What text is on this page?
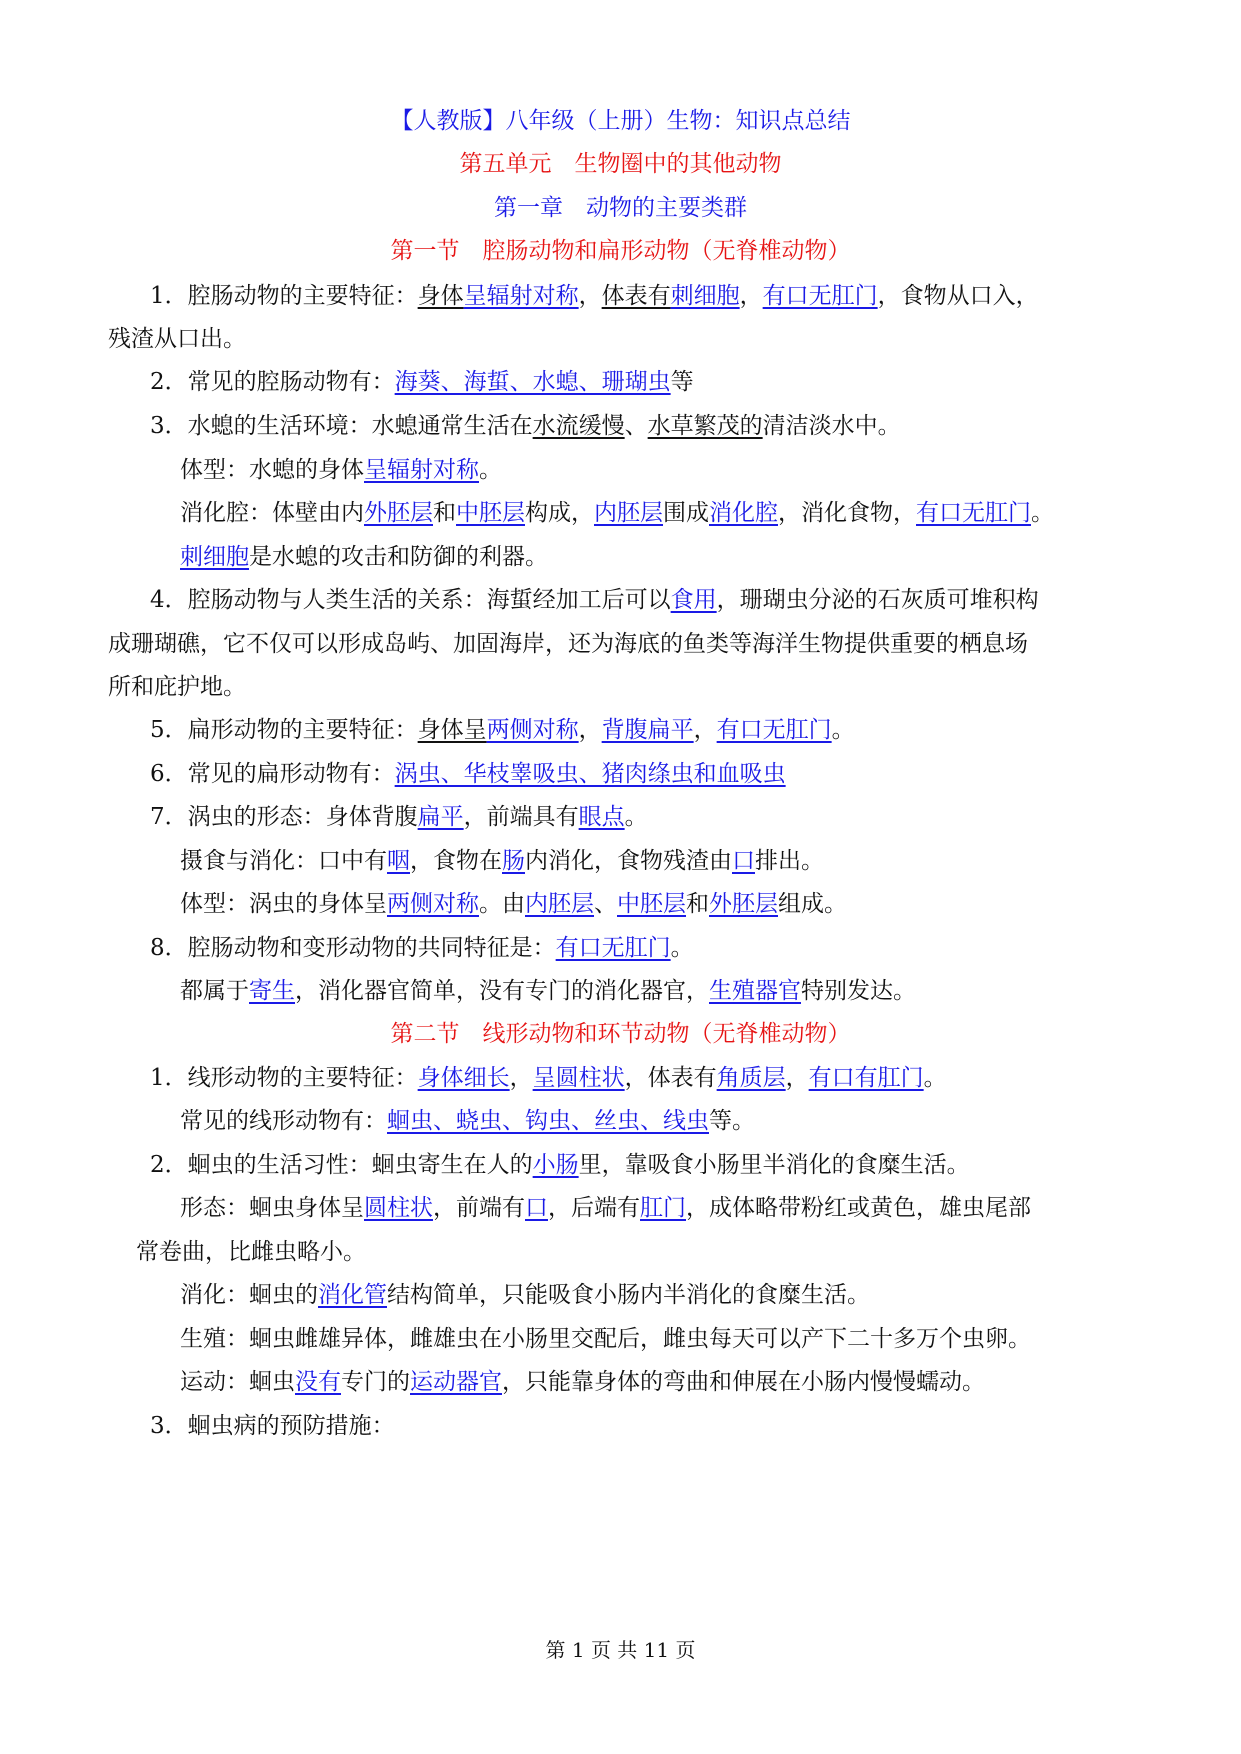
【人教版】八年级（上册）生物：知识点总结
第五单元　生物圈中的其他动物
第一章　动物的主要类群
第一节　腔肠动物和扁形动物（无脊椎动物）
第二节　线形动物和环节动物（无脊椎动物）
1．腔肠动物的主要特征：身体呈辐射对称，体表有刺细胞，有口无肛门，食物从口入，
残渣从口出。
2．常见的腔肠动物有：海葵、海蜇、水螅、珊瑚虫等
3．水螅的生活环境：水螅通常生活在水流缓慢、水草繁茂的清洁淡水中。
体型：水螅的身体呈辐射对称。
消化腔：体壁由内外胚层和中胚层构成，内胚层围成消化腔，消化食物，有口无肛门。
刺细胞是水螅的攻击和防御的利器。
4．腔肠动物与人类生活的关系：海蜇经加工后可以食用，珊瑚虫分泌的石灰质可堆积构
成珊瑚礁，它不仅可以形成岛屿、加固海岸，还为海底的鱼类等海洋生物提供重要的栖息场
所和庇护地。
5．扁形动物的主要特征：身体呈两侧对称，背腹扁平，有口无肛门。
6．常见的扁形动物有：涡虫、华枝睾吸虫、猪肉绦虫和血吸虫
7．涡虫的形态：身体背腹扁平，前端具有眼点。
摄食与消化：口中有咽，食物在肠内消化，食物残渣由口排出。
体型：涡虫的身体呈两侧对称。由内胚层、中胚层和外胚层组成。
8．腔肠动物和变形动物的共同特征是：有口无肛门。
都属于寄生，消化器官简单，没有专门的消化器官，生殖器官特别发达。
1．线形动物的主要特征：身体细长，呈圆柱状，体表有角质层，有口有肛门。
常见的线形动物有：蛔虫、蛲虫、钩虫、丝虫、线虫等。
2．蛔虫的生活习性：蛔虫寄生在人的小肠里，靠吸食小肠里半消化的食糜生活。
形态：蛔虫身体呈圆柱状，前端有口，后端有肛门，成体略带粉红或黄色，雄虫尾部
常卷曲，比雌虫略小。
消化：蛔虫的消化管结构简单，只能吸食小肠内半消化的食糜生活。
生殖：蛔虫雌雄异体，雌雄虫在小肠里交配后，雌虫每天可以产下二十多万个虫卵。
运动：蛔虫没有专门的运动器官，只能靠身体的弯曲和伸展在小肠内慢慢蠕动。
3．蛔虫病的预防措施：
第 1 页 共 11 页
